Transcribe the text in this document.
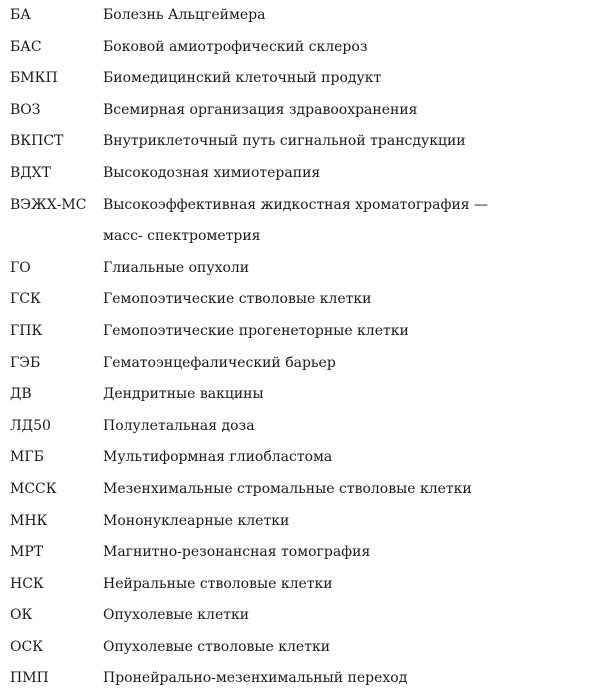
БА	Болезнь Альцгеймера
БАС	Боковой амиотрофический склероз
БМКП	Биомедицинский клеточный продукт
ВОЗ	Всемирная организация здравоохранения
ВКПСТ	Внутриклеточный путь сигнальной трансдукции
ВДХТ	Высокодозная химиотерапия
ВЭЖХ-МС	Высокоэффективная жидкостная хроматография —
масс- спектрометрия
ГО	Глиальные опухоли
ГСК	Гемопоэтические стволовые клетки
ГПК	Гемопоэтические прогенеторные клетки
ГЭБ	Гематоэнцефалический барьер
ДВ	Дендритные вакцины
ЛД50	Полулетальная доза
МГБ	Мультиформная глиобластома
МССК	Мезенхимальные стромальные стволовые клетки
МНК	Мононуклеарные клетки
МРТ	Магнитно-резонансная томография
НСК	Нейральные стволовые клетки
ОК	Опухолевые клетки
ОСК	Опухолевые стволовые клетки
ПМП	Пронейрально-мезенхимальный переход
